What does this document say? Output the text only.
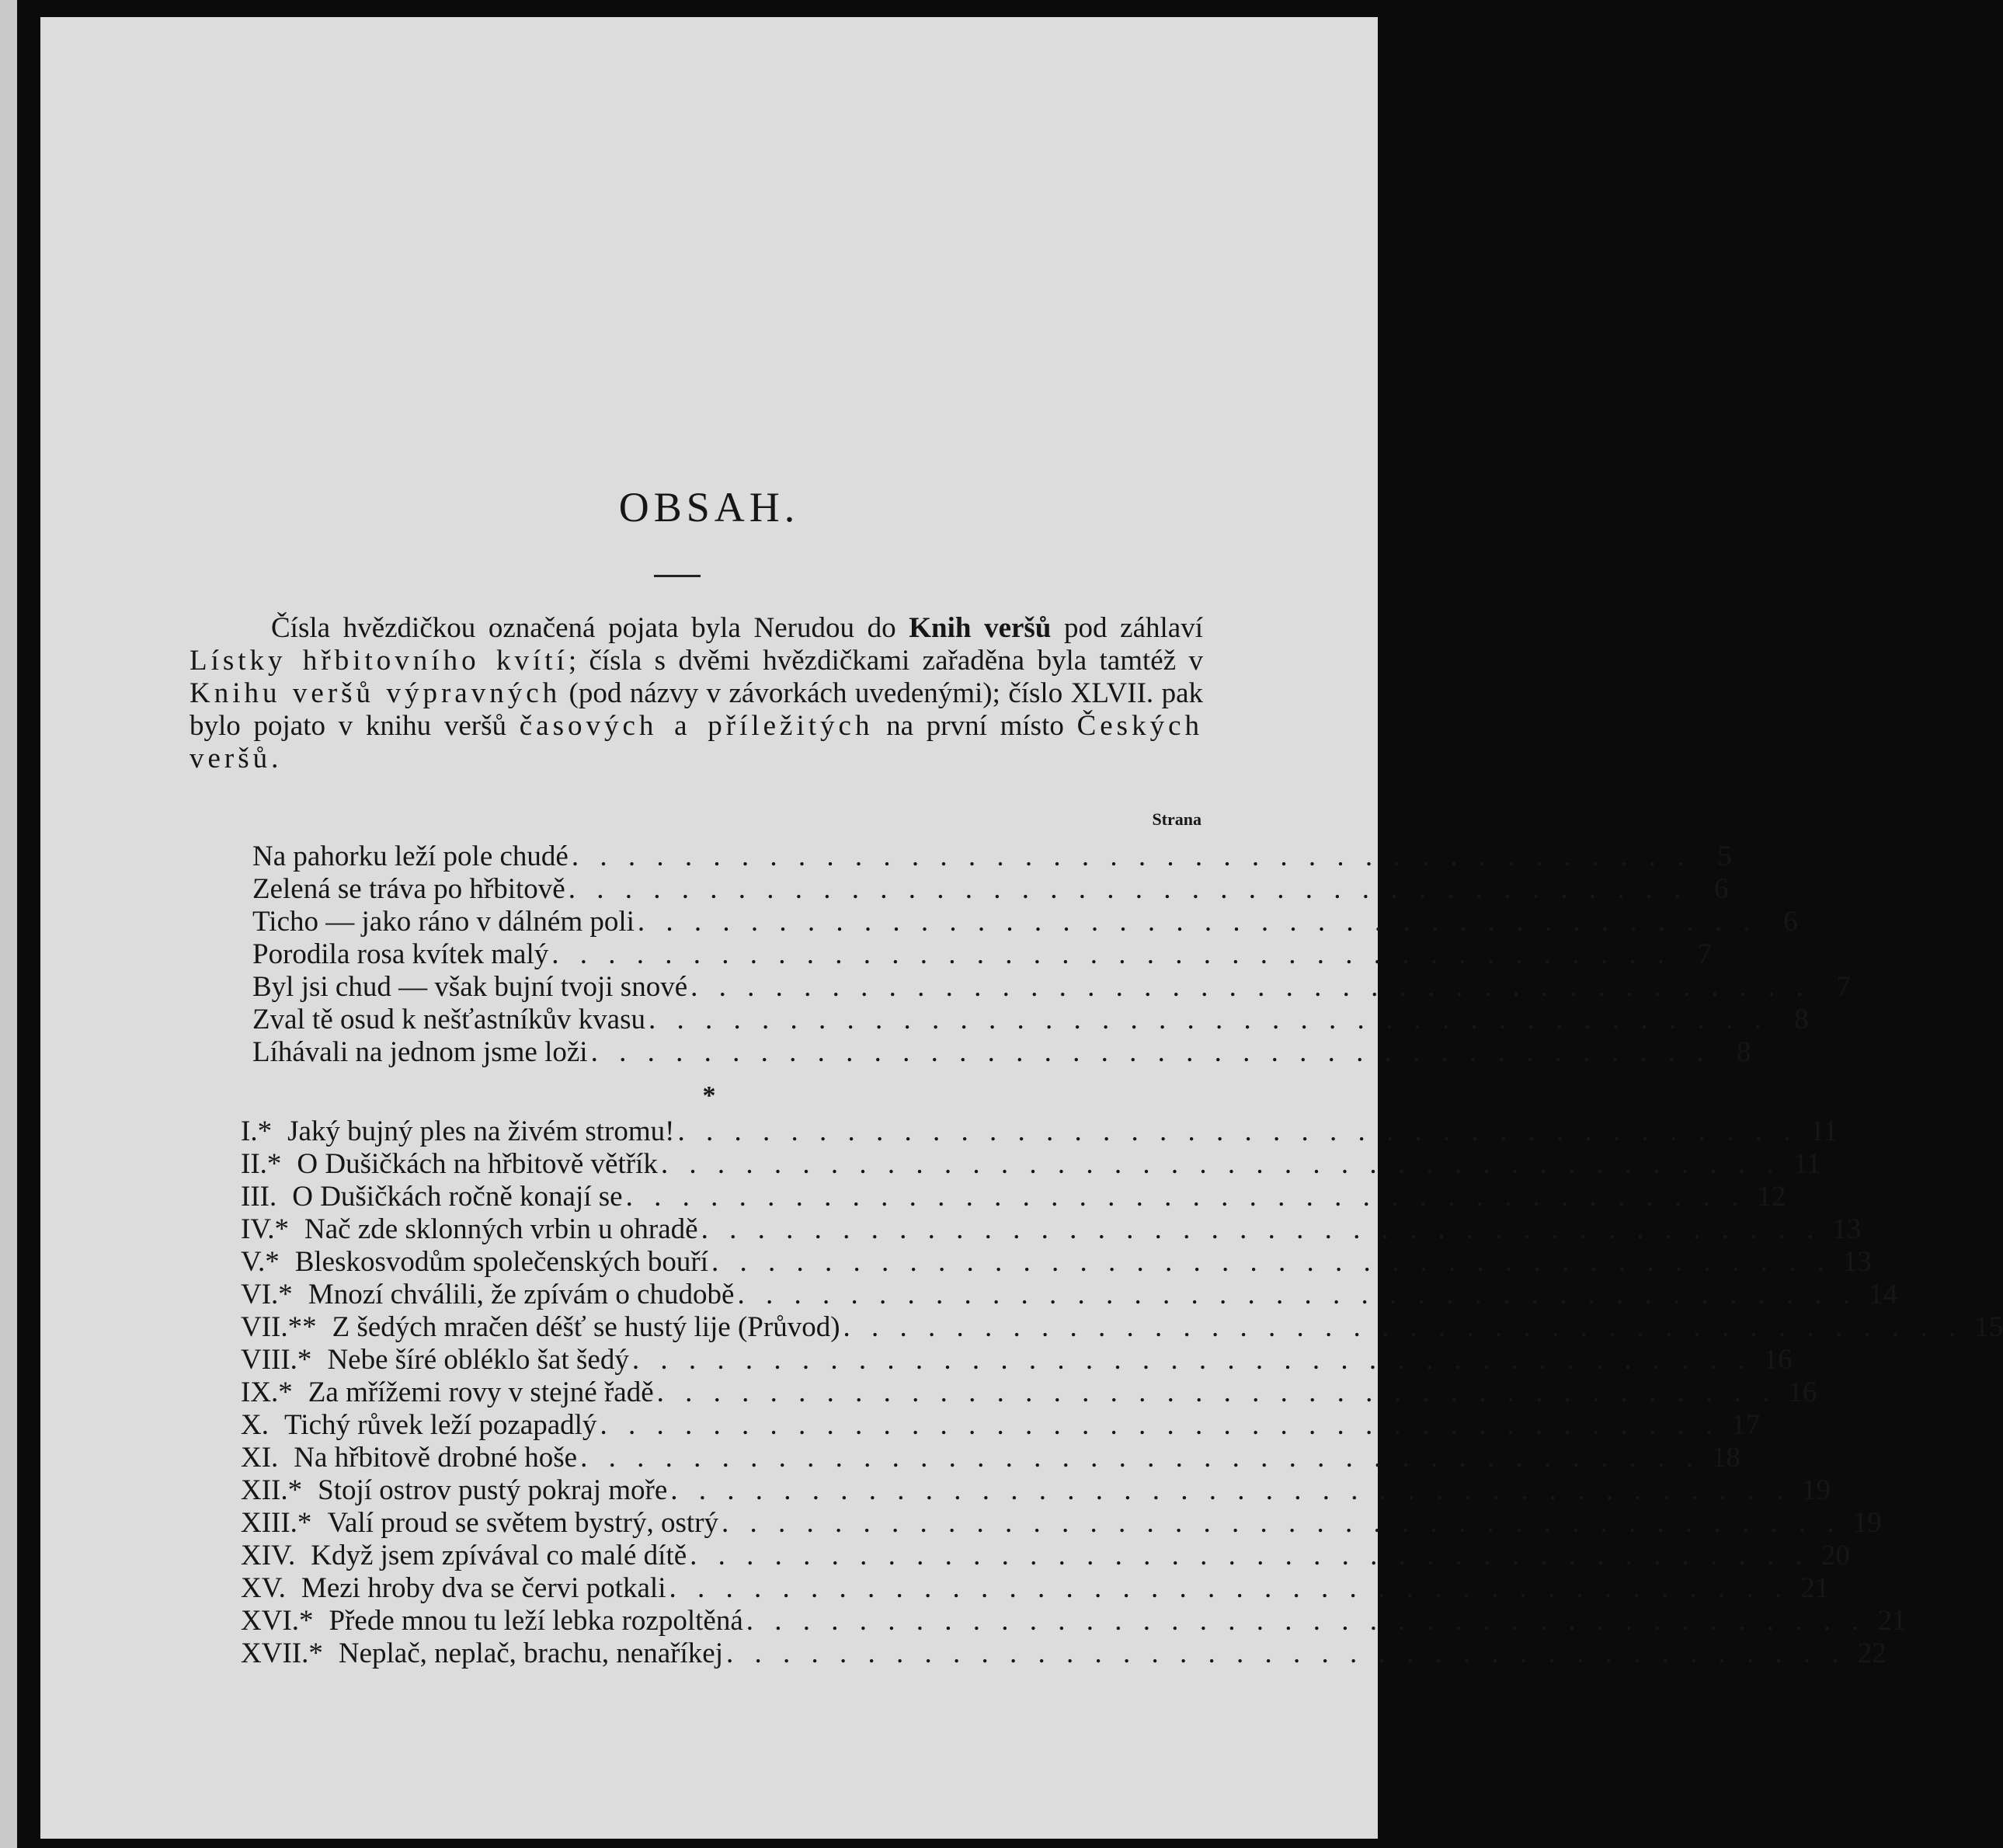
OBSAH.
Čísla hvězdičkou označená pojata byla Nerudou do Knih veršů pod záhlaví Lístky hřbitovního kvítí; čísla s dvěmi hvězdičkami zařaděna byla tamtéž v Knihu veršů výpravných (pod názvy v závorkách uvedenými); číslo XLVII. pak bylo pojato v knihu veršů časových a příležitých na první místo Českých veršů.
Strana
Na pahorku leží pole chudé . . . . . . . . . . . . . . . . . . . . . . . . . . . . . . . . . . . . . . . . 5
Zelená se tráva po hřbitově . . . . . . . . . . . . . . . . . . . . . . . . . . . . . . . . . . . . . . . . 6
Ticho — jako ráno v dálném poli . . . . . . . . . . . . . . . . . . . . . . . . . . . . . . . . . . . . . . . . 6
Porodila rosa kvítek malý . . . . . . . . . . . . . . . . . . . . . . . . . . . . . . . . . . . . . . . . 7
Byl jsi chud — však bujní tvoji snové . . . . . . . . . . . . . . . . . . . . . . . . . . . . . . . . . . . . . . . . 7
Zval tě osud k nešťastníkův kvasu . . . . . . . . . . . . . . . . . . . . . . . . . . . . . . . . . . . . . . . . 8
Líhávali na jednom jsme loži . . . . . . . . . . . . . . . . . . . . . . . . . . . . . . . . . . . . . . . . 8
*
I.* Jaký bujný ples na živém stromu! . . . . . . . . . . . . . . . . . . . . . . . . . . . . . . . . . . . . . . . . 11
II.* O Dušičkách na hřbitově větřík . . . . . . . . . . . . . . . . . . . . . . . . . . . . . . . . . . . . . . . . 11
III. O Dušičkách ročně konají se . . . . . . . . . . . . . . . . . . . . . . . . . . . . . . . . . . . . . . . . 12
IV.* Nač zde sklonných vrbin u ohradě . . . . . . . . . . . . . . . . . . . . . . . . . . . . . . . . . . . . . . . . 13
V.* Bleskosvodům společenských bouří . . . . . . . . . . . . . . . . . . . . . . . . . . . . . . . . . . . . . . . . 13
VI.* Mnozí chválili, že zpívám o chudobě . . . . . . . . . . . . . . . . . . . . . . . . . . . . . . . . . . . . . . . . 14
VII.** Z šedých mračen déšť se hustý lije (Průvod) . . . . . . . . . . . . . . . . . . . . . . . . . . . . . . . . . . . . . . . . 15
VIII.* Nebe šíré obléklo šat šedý . . . . . . . . . . . . . . . . . . . . . . . . . . . . . . . . . . . . . . . . 16
IX.* Za mřížemi rovy v stejné řadě . . . . . . . . . . . . . . . . . . . . . . . . . . . . . . . . . . . . . . . . 16
X. Tichý růvek leží pozapadlý . . . . . . . . . . . . . . . . . . . . . . . . . . . . . . . . . . . . . . . . 17
XI. Na hřbitově drobné hoše . . . . . . . . . . . . . . . . . . . . . . . . . . . . . . . . . . . . . . . . 18
XII.* Stojí ostrov pustý pokraj moře . . . . . . . . . . . . . . . . . . . . . . . . . . . . . . . . . . . . . . . . 19
XIII.* Valí proud se světem bystrý, ostrý . . . . . . . . . . . . . . . . . . . . . . . . . . . . . . . . . . . . . . . . 19
XIV. Když jsem zpívával co malé dítě . . . . . . . . . . . . . . . . . . . . . . . . . . . . . . . . . . . . . . . . 20
XV. Mezi hroby dva se červi potkali . . . . . . . . . . . . . . . . . . . . . . . . . . . . . . . . . . . . . . . . 21
XVI.* Přede mnou tu leží lebka rozpoltěná . . . . . . . . . . . . . . . . . . . . . . . . . . . . . . . . . . . . . . . . 21
XVII.* Neplač, neplač, brachu, nenaříkej . . . . . . . . . . . . . . . . . . . . . . . . . . . . . . . . . . . . . . . . 22
